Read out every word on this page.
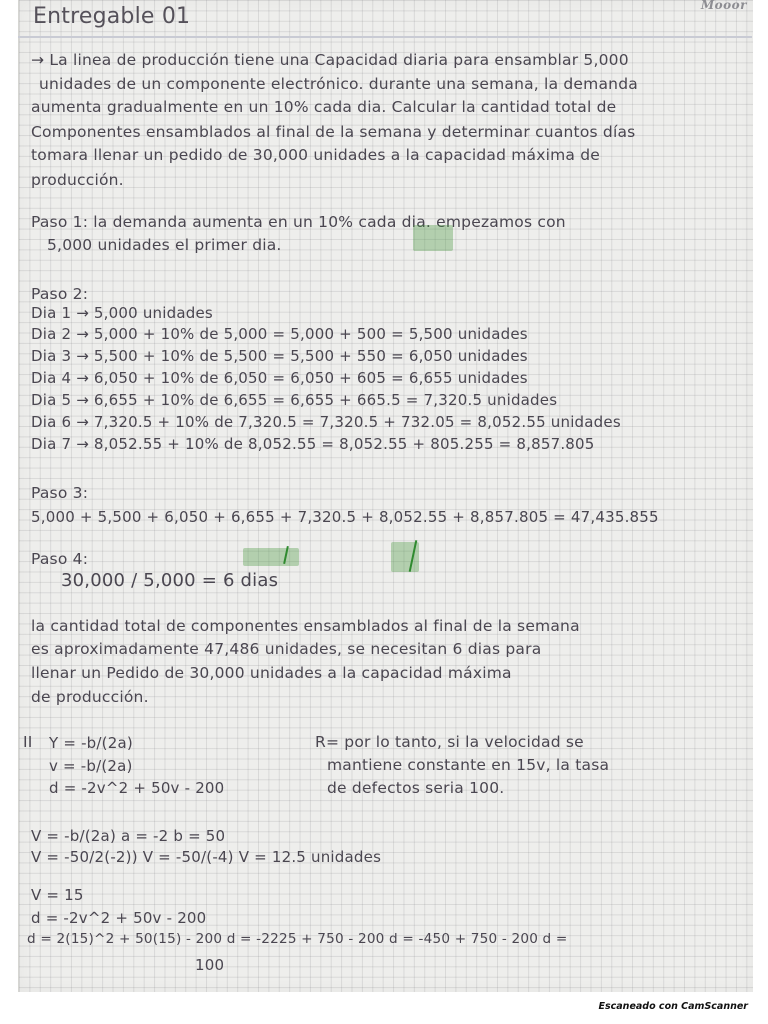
Mooor
Entregable 01
→ La linea de producción tiene una Capacidad diaria para ensamblar 5,000
unidades de un componente electrónico. durante una semana, la demanda
aumenta gradualmente en un 10% cada dia. Calcular la cantidad total de
Componentes ensamblados al final de la semana y determinar cuantos días
tomara llenar un pedido de 30,000 unidades a la capacidad máxima de
producción.
Paso 1: la demanda aumenta en un 10% cada dia. empezamos con
5,000 unidades el primer dia.
Paso 2:
Dia 1 → 5,000 unidades
Dia 2 → 5,000 + 10% de 5,000 = 5,000 + 500 = 5,500 unidades
Dia 3 → 5,500 + 10% de 5,500 = 5,500 + 550 = 6,050 unidades
Dia 4 → 6,050 + 10% de 6,050 = 6,050 + 605 = 6,655 unidades
Dia 5 → 6,655 + 10% de 6,655 = 6,655 + 665.5 = 7,320.5 unidades
Dia 6 → 7,320.5 + 10% de 7,320.5 = 7,320.5 + 732.05 = 8,052.55 unidades
Dia 7 → 8,052.55 + 10% de 8,052.55 = 8,052.55 + 805.255 = 8,857.805
Paso 3:
5,000 + 5,500 + 6,050 + 6,655 + 7,320.5 + 8,052.55 + 8,857.805 = 47,435.855
Paso 4:
30,000 / 5,000 = 6 dias
la cantidad total de componentes ensamblados al final de la semana
es aproximadamente 47,486 unidades, se necesitan 6 dias para
llenar un Pedido de 30,000 unidades a la capacidad máxima
de producción.
II Y = -b/(2a)
v = -b/(2a)
d = -2v^2 + 50v - 200
R= por lo tanto, si la velocidad se
mantiene constante en 15v, la tasa
de defectos seria 100.
V = -b/(2a) a = -2 b = 50
V = -50/2(-2)) V = -50/(-4) V = 12.5 unidades
V = 15
d = -2v^2 + 50v - 200
d = 2(15)^2 + 50(15) - 200 d = -2225 + 750 - 200 d = -450 + 750 - 200 d =
100
Escaneado con CamScanner
